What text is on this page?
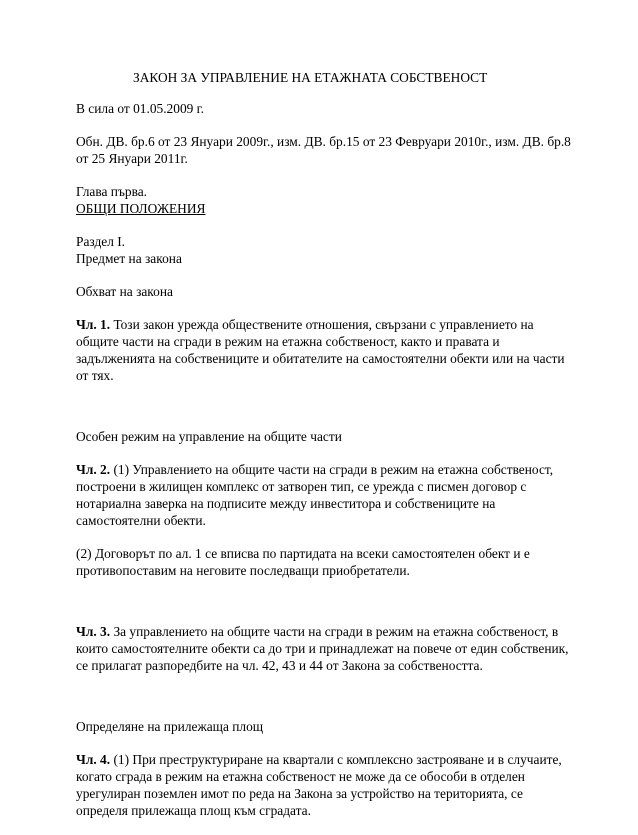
ЗАКОН ЗА УПРАВЛЕНИЕ НА ЕТАЖНАТА СОБСТВЕНОСТ

В сила от 01.05.2009 г.

Обн. ДВ. бр.6 от 23 Януари 2009г., изм. ДВ. бр.15 от 23 Февруари 2010г., изм. ДВ. бр.8 от 25 Януари 2011г.

Глава първа.
ОБЩИ ПОЛОЖЕНИЯ

Раздел I.
Предмет на закона

Обхват на закона

Чл. 1. Този закон урежда обществените отношения, свързани с управлението на общите части на сгради в режим на етажна собственост, както и правата и задълженията на собствениците и обитателите на самостоятелни обекти или на части от тях.

Особен режим на управление на общите части

Чл. 2. (1) Управлението на общите части на сгради в режим на етажна собственост, построени в жилищен комплекс от затворен тип, се урежда с писмен договор с нотариална заверка на подписите между инвеститора и собствениците на самостоятелни обекти.

(2) Договорът по ал. 1 се вписва по партидата на всеки самостоятелен обект и е противопоставим на неговите последващи приобретатели.

Чл. 3. За управлението на общите части на сгради в режим на етажна собственост, в които самостоятелните обекти са до три и принадлежат на повече от един собственик, се прилагат разпоредбите на чл. 42, 43 и 44 от Закона за собствеността.

Определяне на прилежаща площ

Чл. 4. (1) При преструктуриране на квартали с комплексно застрояване и в случаите, когато сграда в режим на етажна собственост не може да се обособи в отделен урегулиран поземлен имот по реда на Закона за устройство на територията, се определя прилежаща площ към сградата.
